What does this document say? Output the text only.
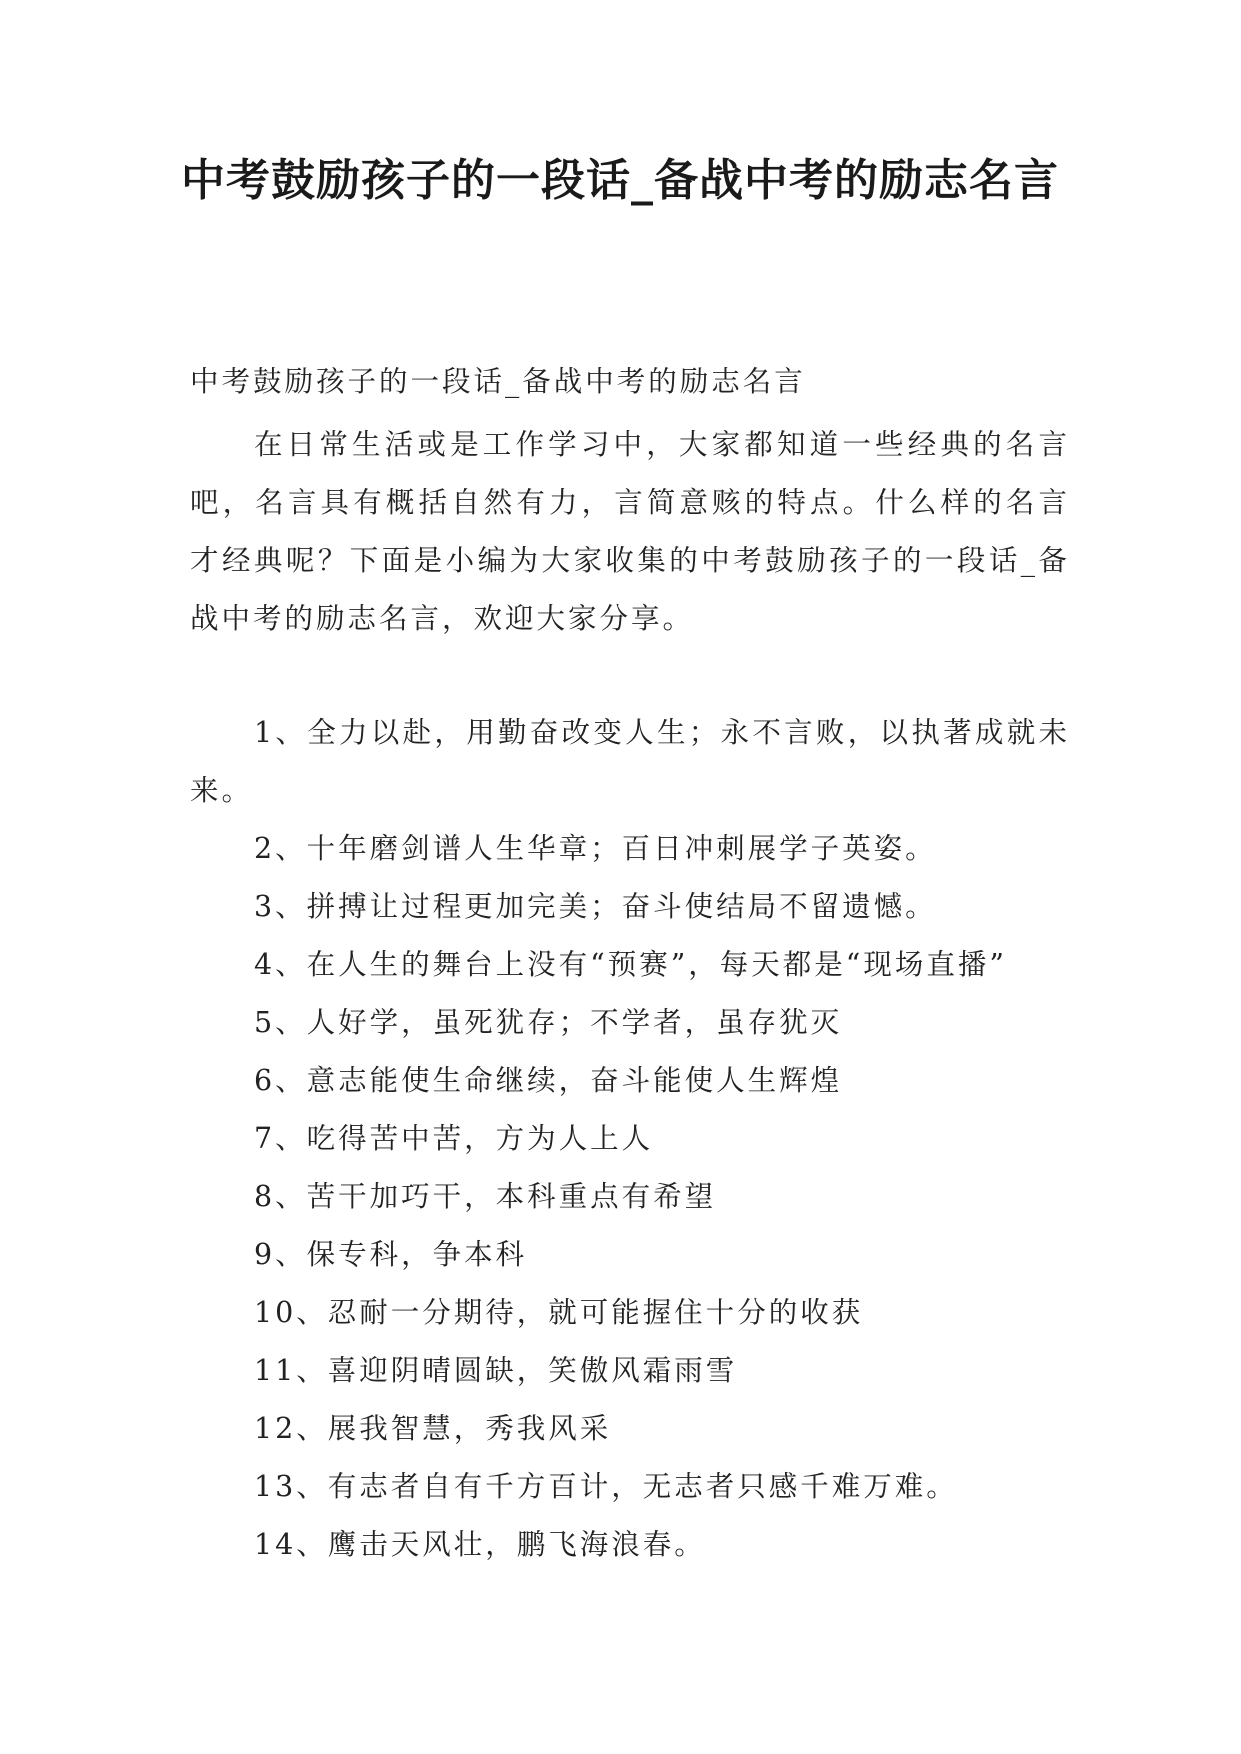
中考鼓励孩子的一段话_备战中考的励志名言

中考鼓励孩子的一段话_备战中考的励志名言

在日常生活或是工作学习中，大家都知道一些经典的名言吧，名言具有概括自然有力，言简意赅的特点。什么样的名言才经典呢？下面是小编为大家收集的中考鼓励孩子的一段话_备战中考的励志名言，欢迎大家分享。

1、全力以赴，用勤奋改变人生；永不言败，以执著成就未来。
2、十年磨剑谱人生华章；百日冲刺展学子英姿。
3、拼搏让过程更加完美；奋斗使结局不留遗憾。
4、在人生的舞台上没有“预赛”，每天都是“现场直播”
5、人好学，虽死犹存；不学者，虽存犹灭
6、意志能使生命继续，奋斗能使人生辉煌
7、吃得苦中苦，方为人上人
8、苦干加巧干，本科重点有希望
9、保专科，争本科
10、忍耐一分期待，就可能握住十分的收获
11、喜迎阴晴圆缺，笑傲风霜雨雪
12、展我智慧，秀我风采
13、有志者自有千方百计，无志者只感千难万难。
14、鹰击天风壮，鹏飞海浪春。
